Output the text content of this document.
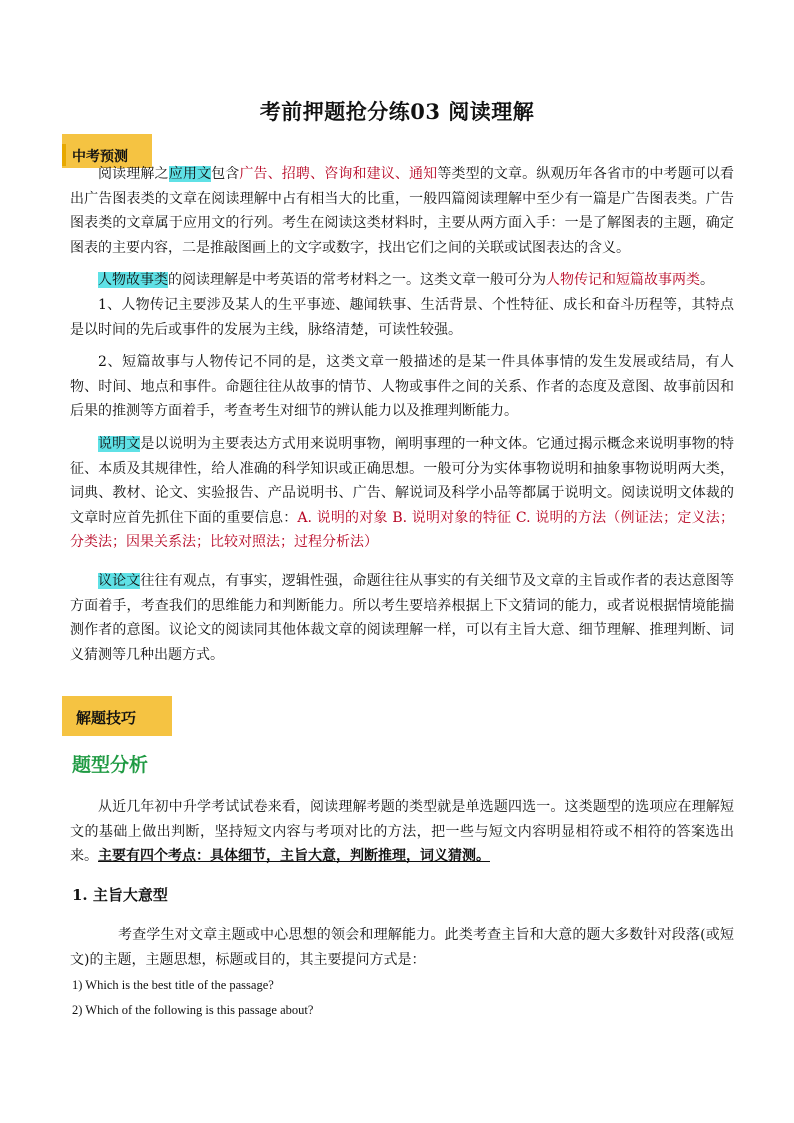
考前押题抢分练03 阅读理解
中考预测

阅读理解之应用文包含广告、招聘、咨询和建议、通知等类型的文章。纵观历年各省市的中考题可以看出广告图表类的文章在阅读理解中占有相当大的比重，一般四篇阅读理解中至少有一篇是广告图表类。广告图表类的文章属于应用文的行列。考生在阅读这类材料时，主要从两方面入手：一是了解图表的主题，确定图表的主要内容，二是推敲图画上的文字或数字，找出它们之间的关联或试图表达的含义。

人物故事类的阅读理解是中考英语的常考材料之一。这类文章一般可分为人物传记和短篇故事两类。

1、人物传记主要涉及某人的生平事迹、趣闻轶事、生活背景、个性特征、成长和奋斗历程等，其特点是以时间的先后或事件的发展为主线，脉络清楚，可读性较强。

2、短篇故事与人物传记不同的是，这类文章一般描述的是某一件具体事情的发生发展或结局，有人物、时间、地点和事件。命题往往从故事的情节、人物或事件之间的关系、作者的态度及意图、故事前因和后果的推测等方面着手，考查考生对细节的辨认能力以及推理判断能力。

说明文是以说明为主要表达方式用来说明事物，阐明事理的一种文体。它通过揭示概念来说明事物的特征、本质及其规律性，给人准确的科学知识或正确思想。一般可分为实体事物说明和抽象事物说明两大类，词典、教材、论文、实验报告、产品说明书、广告、解说词及科学小品等都属于说明文。阅读说明文体裁的文章时应首先抓住下面的重要信息：A. 说明的对象 B. 说明对象的特征 C. 说明的方法（例证法；定义法；分类法；因果关系法；比较对照法；过程分析法）

议论文往往有观点，有事实，逻辑性强，命题往往从事实的有关细节及文章的主旨或作者的表达意图等方面着手，考查我们的思维能力和判断能力。所以考生要培养根据上下文猜词的能力，或者说根据情境能揣测作者的意图。议论文的阅读同其他体裁文章的阅读理解一样，可以有主旨大意、细节理解、推理判断、词义猜测等几种出题方式。

解题技巧
题型分析

从近几年初中升学考试试卷来看，阅读理解考题的类型就是单选题四选一。这类题型的选项应在理解短文的基础上做出判断，坚持短文内容与考项对比的方法，把一些与短文内容明显相符或不相符的答案选出来。主要有四个考点：具体细节，主旨大意，判断推理，词义猜测。

1. 主旨大意型

考查学生对文章主题或中心思想的领会和理解能力。此类考查主旨和大意的题大多数针对段落(或短文)的主题，主题思想，标题或目的，其主要提问方式是：

1) Which is the best title of the passage?
2) Which of the following is this passage about?
